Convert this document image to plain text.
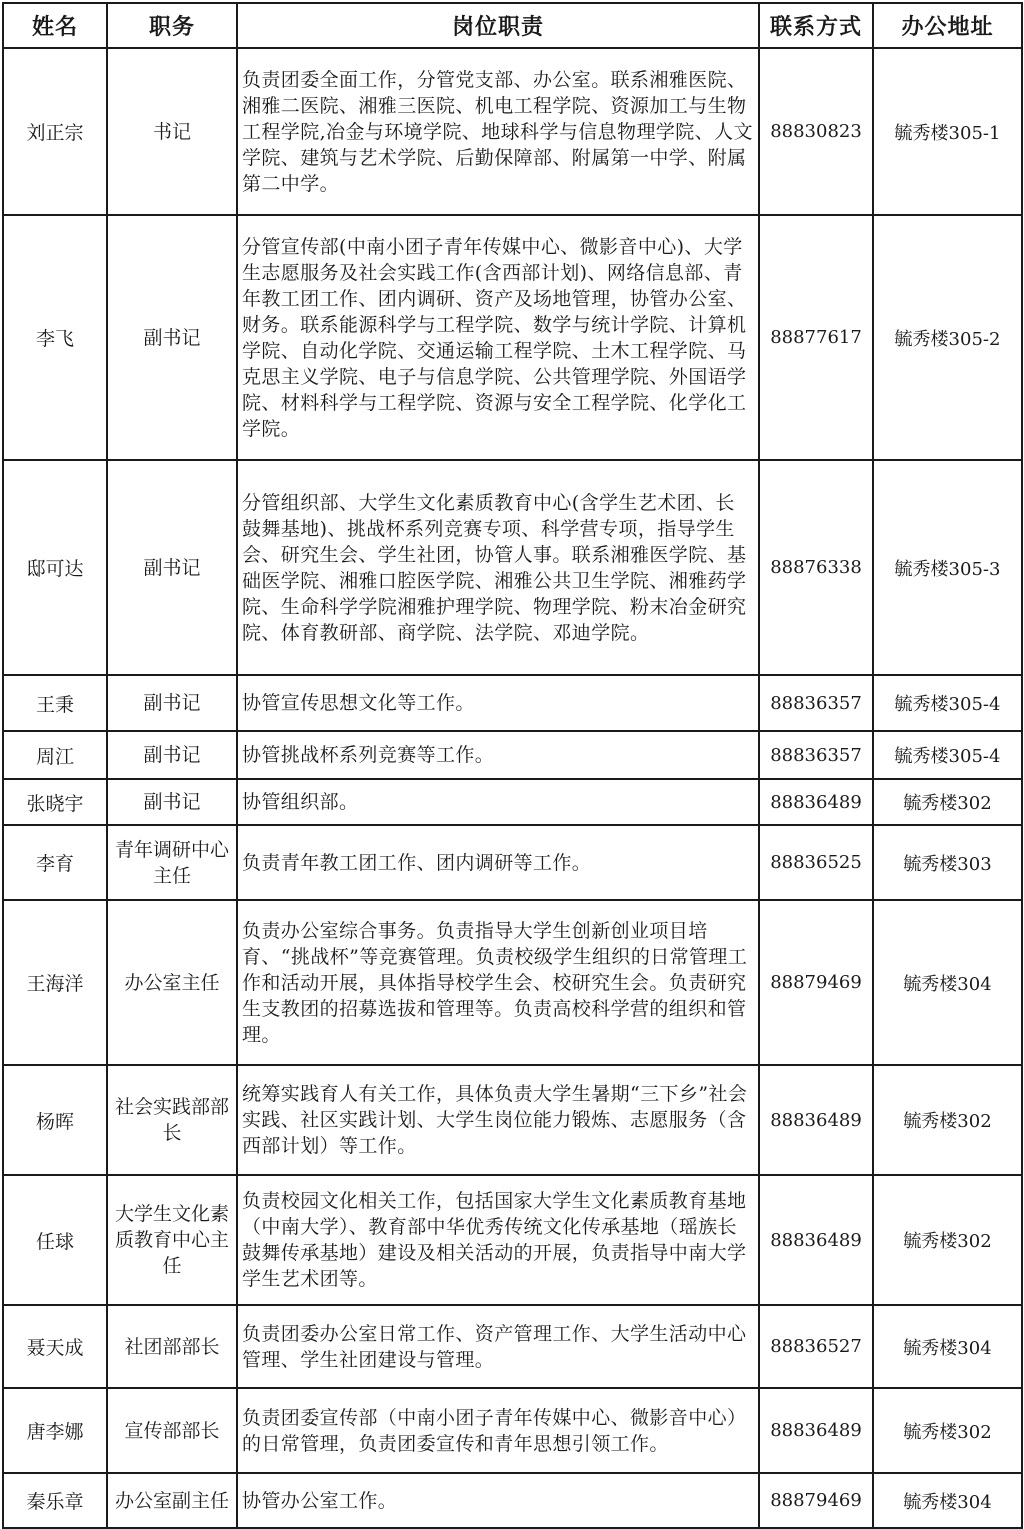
姓名	职务	岗位职责	联系方式	办公地址
刘正宗	书记	负责团委全面工作，分管党支部、办公室。联系湘雅医院、湘雅二医院、湘雅三医院、机电工程学院、资源加工与生物工程学院,冶金与环境学院、地球科学与信息物理学院、人文学院、建筑与艺术学院、后勤保障部、附属第一中学、附属第二中学。	88830823	毓秀楼305-1
李飞	副书记	分管宣传部(中南小团子青年传媒中心、微影音中心)、大学生志愿服务及社会实践工作(含西部计划)、网络信息部、青年教工团工作、团内调研、资产及场地管理，协管办公室、财务。联系能源科学与工程学院、数学与统计学院、计算机学院、自动化学院、交通运输工程学院、土木工程学院、马克思主义学院、电子与信息学院、公共管理学院、外国语学院、材料科学与工程学院、资源与安全工程学院、化学化工学院。	88877617	毓秀楼305-2
邸可达	副书记	分管组织部、大学生文化素质教育中心(含学生艺术团、长鼓舞基地)、挑战杯系列竞赛专项、科学营专项，指导学生会、研究生会、学生社团，协管人事。联系湘雅医学院、基础医学院、湘雅口腔医学院、湘雅公共卫生学院、湘雅药学院、生命科学学院湘雅护理学院、物理学院、粉末冶金研究院、体育教研部、商学院、法学院、邓迪学院。	88876338	毓秀楼305-3
王秉	副书记	协管宣传思想文化等工作。	88836357	毓秀楼305-4
周江	副书记	协管挑战杯系列竞赛等工作。	88836357	毓秀楼305-4
张晓宇	副书记	协管组织部。	88836489	毓秀楼302
李育	青年调研中心主任	负责青年教工团工作、团内调研等工作。	88836525	毓秀楼303
王海洋	办公室主任	负责办公室综合事务。负责指导大学生创新创业项目培育、“挑战杯”等竞赛管理。负责校级学生组织的日常管理工作和活动开展，具体指导校学生会、校研究生会。负责研究生支教团的招募选拔和管理等。负责高校科学营的组织和管理。	88879469	毓秀楼304
杨晖	社会实践部部长	统筹实践育人有关工作，具体负责大学生暑期“三下乡”社会实践、社区实践计划、大学生岗位能力锻炼、志愿服务（含西部计划）等工作。	88836489	毓秀楼302
任球	大学生文化素质教育中心主任	负责校园文化相关工作，包括国家大学生文化素质教育基地（中南大学）、教育部中华优秀传统文化传承基地（瑶族长鼓舞传承基地）建设及相关活动的开展，负责指导中南大学学生艺术团等。	88836489	毓秀楼302
聂天成	社团部部长	负责团委办公室日常工作、资产管理工作、大学生活动中心管理、学生社团建设与管理。	88836527	毓秀楼304
唐李娜	宣传部部长	负责团委宣传部（中南小团子青年传媒中心、微影音中心）的日常管理，负责团委宣传和青年思想引领工作。	88836489	毓秀楼302
秦乐章	办公室副主任	协管办公室工作。	88879469	毓秀楼304
